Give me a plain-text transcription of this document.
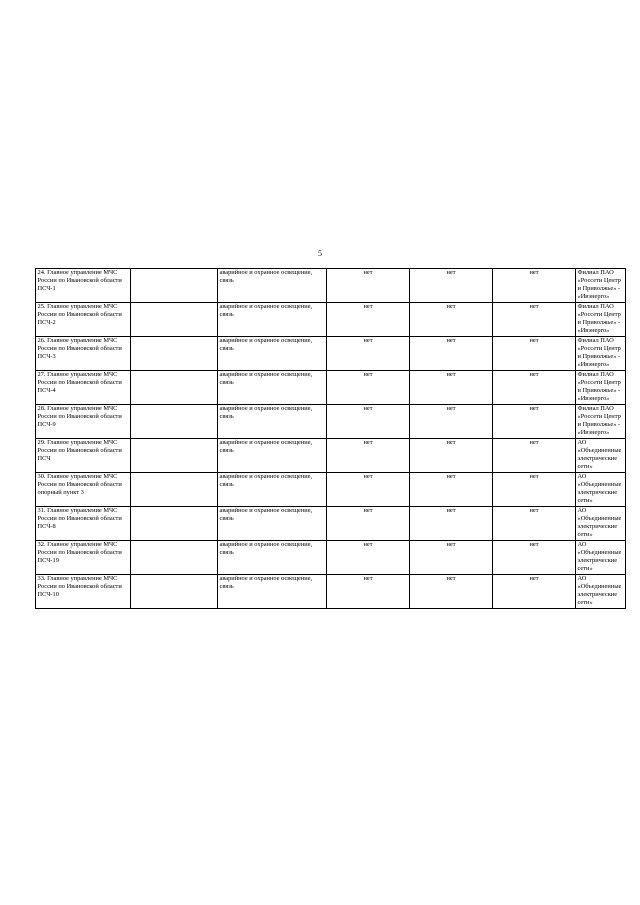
5
24. Главное управление МЧС России по Ивановской области ПСЧ-1		аварийное и охранное освещение, связь	нет	нет	нет	Филиал ПАО «Россети Центр и Приволжье» - «Ивэнерго»
25. Главное управление МЧС России по Ивановской области ПСЧ-2		аварийное и охранное освещение, связь	нет	нет	нет	Филиал ПАО «Россети Центр и Приволжье» - «Ивэнерго»
26. Главное управление МЧС России по Ивановской области ПСЧ-3		аварийное и охранное освещение, связь	нет	нет	нет	Филиал ПАО «Россети Центр и Приволжье» - «Ивэнерго»
27. Главное управление МЧС России по Ивановской области ПСЧ-4		аварийное и охранное освещение, связь	нет	нет	нет	Филиал ПАО «Россети Центр и Приволжье» - «Ивэнерго»
28. Главное управление МЧС России по Ивановской области ПСЧ-9		аварийное и охранное освещение, связь	нет	нет	нет	Филиал ПАО «Россети Центр и Приволжье» - «Ивэнерго»
29. Главное управление МЧС России по Ивановской области ПСЧ		аварийное и охранное освещение, связь	нет	нет	нет	АО «Объединенные электрические сети»
30. Главное управление МЧС России по Ивановской области опорный пункт 3		аварийное и охранное освещение, связь	нет	нет	нет	АО «Объединенные электрические сети»
31. Главное управление МЧС России по Ивановской области ПСЧ-8		аварийное и охранное освещение, связь	нет	нет	нет	АО «Объединенные электрические сети»
32. Главное управление МЧС России по Ивановской области ПСЧ-19		аварийное и охранное освещение, связь	нет	нет	нет	АО «Объединенные электрические сети»
33. Главное управление МЧС России по Ивановской области ПСЧ-10		аварийное и охранное освещение, связь	нет	нет	нет	АО «Объединенные электрические сети»
